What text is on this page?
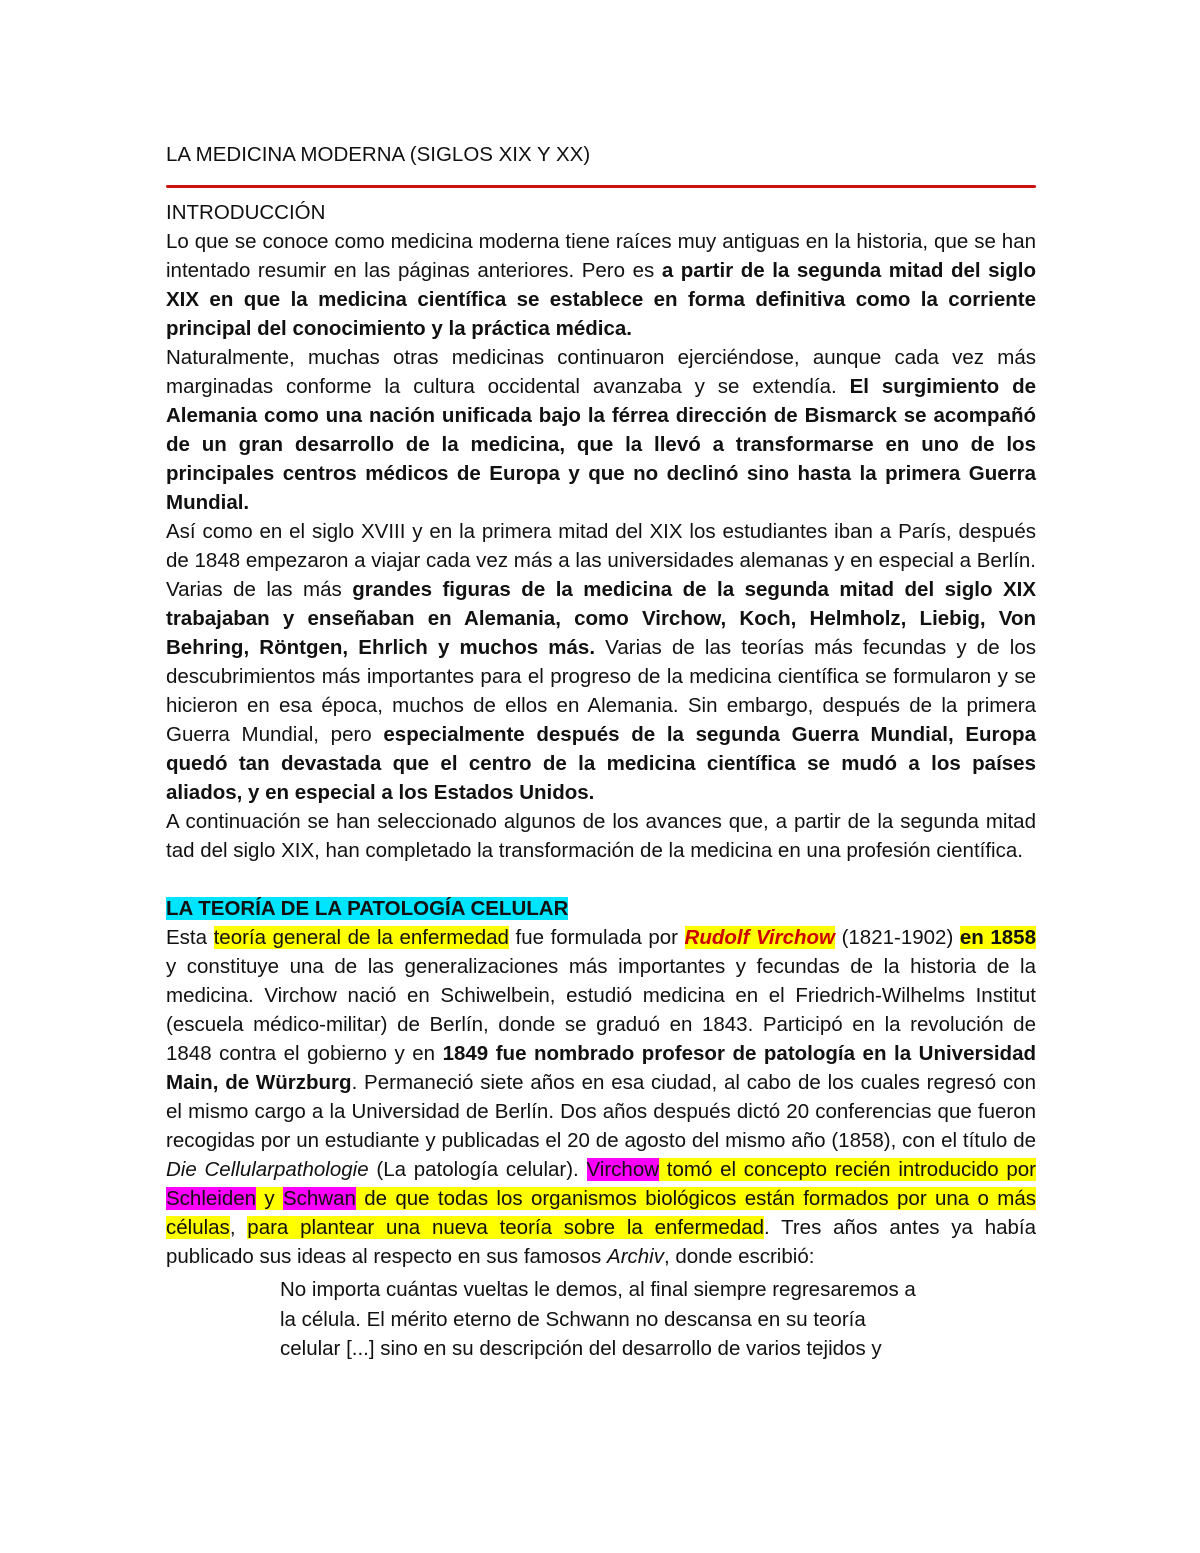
LA MEDICINA MODERNA (SIGLOS XIX Y XX)
INTRODUCCIÓN

Lo que se conoce como medicina moderna tiene raíces muy antiguas en la historia, que se han intentado resumir en las páginas anteriores. Pero es a partir de la segunda mitad del siglo XIX en que la medicina científica se establece en forma definitiva como la corriente principal del conocimiento y la práctica médica.

Naturalmente, muchas otras medicinas continuaron ejerciéndose, aunque cada vez más marginadas conforme la cultura occidental avanzaba y se extendía. El surgimiento de Alemania como una nación unificada bajo la férrea dirección de Bismarck se acompañó de un gran desarrollo de la medicina, que la llevó a transformarse en uno de los principales centros médicos de Europa y que no declinó sino hasta la primera Guerra Mundial.

Así como en el siglo XVIII y en la primera mitad del XIX los estudiantes iban a París, después de 1848 empezaron a viajar cada vez más a las universidades alemanas y en especial a Berlín. Varias de las más grandes figuras de la medicina de la segunda mitad del siglo XIX trabajaban y enseñaban en Alemania, como Virchow, Koch, Helmholz, Liebig, Von Behring, Röntgen, Ehrlich y muchos más. Varias de las teorías más fecundas y de los descubrimientos más importantes para el progreso de la medicina científica se formularon y se hicieron en esa época, muchos de ellos en Alemania. Sin embargo, después de la primera Guerra Mundial, pero especialmente después de la segunda Guerra Mundial, Europa quedó tan devastada que el centro de la medicina científica se mudó a los países aliados, y en especial a los Estados Unidos.

A continuación se han seleccionado algunos de los avances que, a partir de la segunda mitad tad del siglo XIX, han completado la transformación de la medicina en una profesión científica.

LA TEORÍA DE LA PATOLOGÍA CELULAR

Esta teoría general de la enfermedad fue formulada por Rudolf Virchow (1821-1902) en 1858 y constituye una de las generalizaciones más importantes y fecundas de la historia de la medicina. Virchow nació en Schiwelbein, estudió medicina en el Friedrich-Wilhelms Institut (escuela médico-militar) de Berlín, donde se graduó en 1843. Participó en la revolución de 1848 contra el gobierno y en 1849 fue nombrado profesor de patología en la Universidad Main, de Würzburg. Permaneció siete años en esa ciudad, al cabo de los cuales regresó con el mismo cargo a la Universidad de Berlín. Dos años después dictó 20 conferencias que fueron recogidas por un estudiante y publicadas el 20 de agosto del mismo año (1858), con el título de Die Cellularpathologie (La patología celular). Virchow tomó el concepto recién introducido por Schleiden y Schwan de que todas los organismos biológicos están formados por una o más células, para plantear una nueva teoría sobre la enfermedad. Tres años antes ya había publicado sus ideas al respecto en sus famosos Archiv, donde escribió:

No importa cuántas vueltas le demos, al final siempre regresaremos a la célula. El mérito eterno de Schwann no descansa en su teoría celular [...] sino en su descripción del desarrollo de varios tejidos y
